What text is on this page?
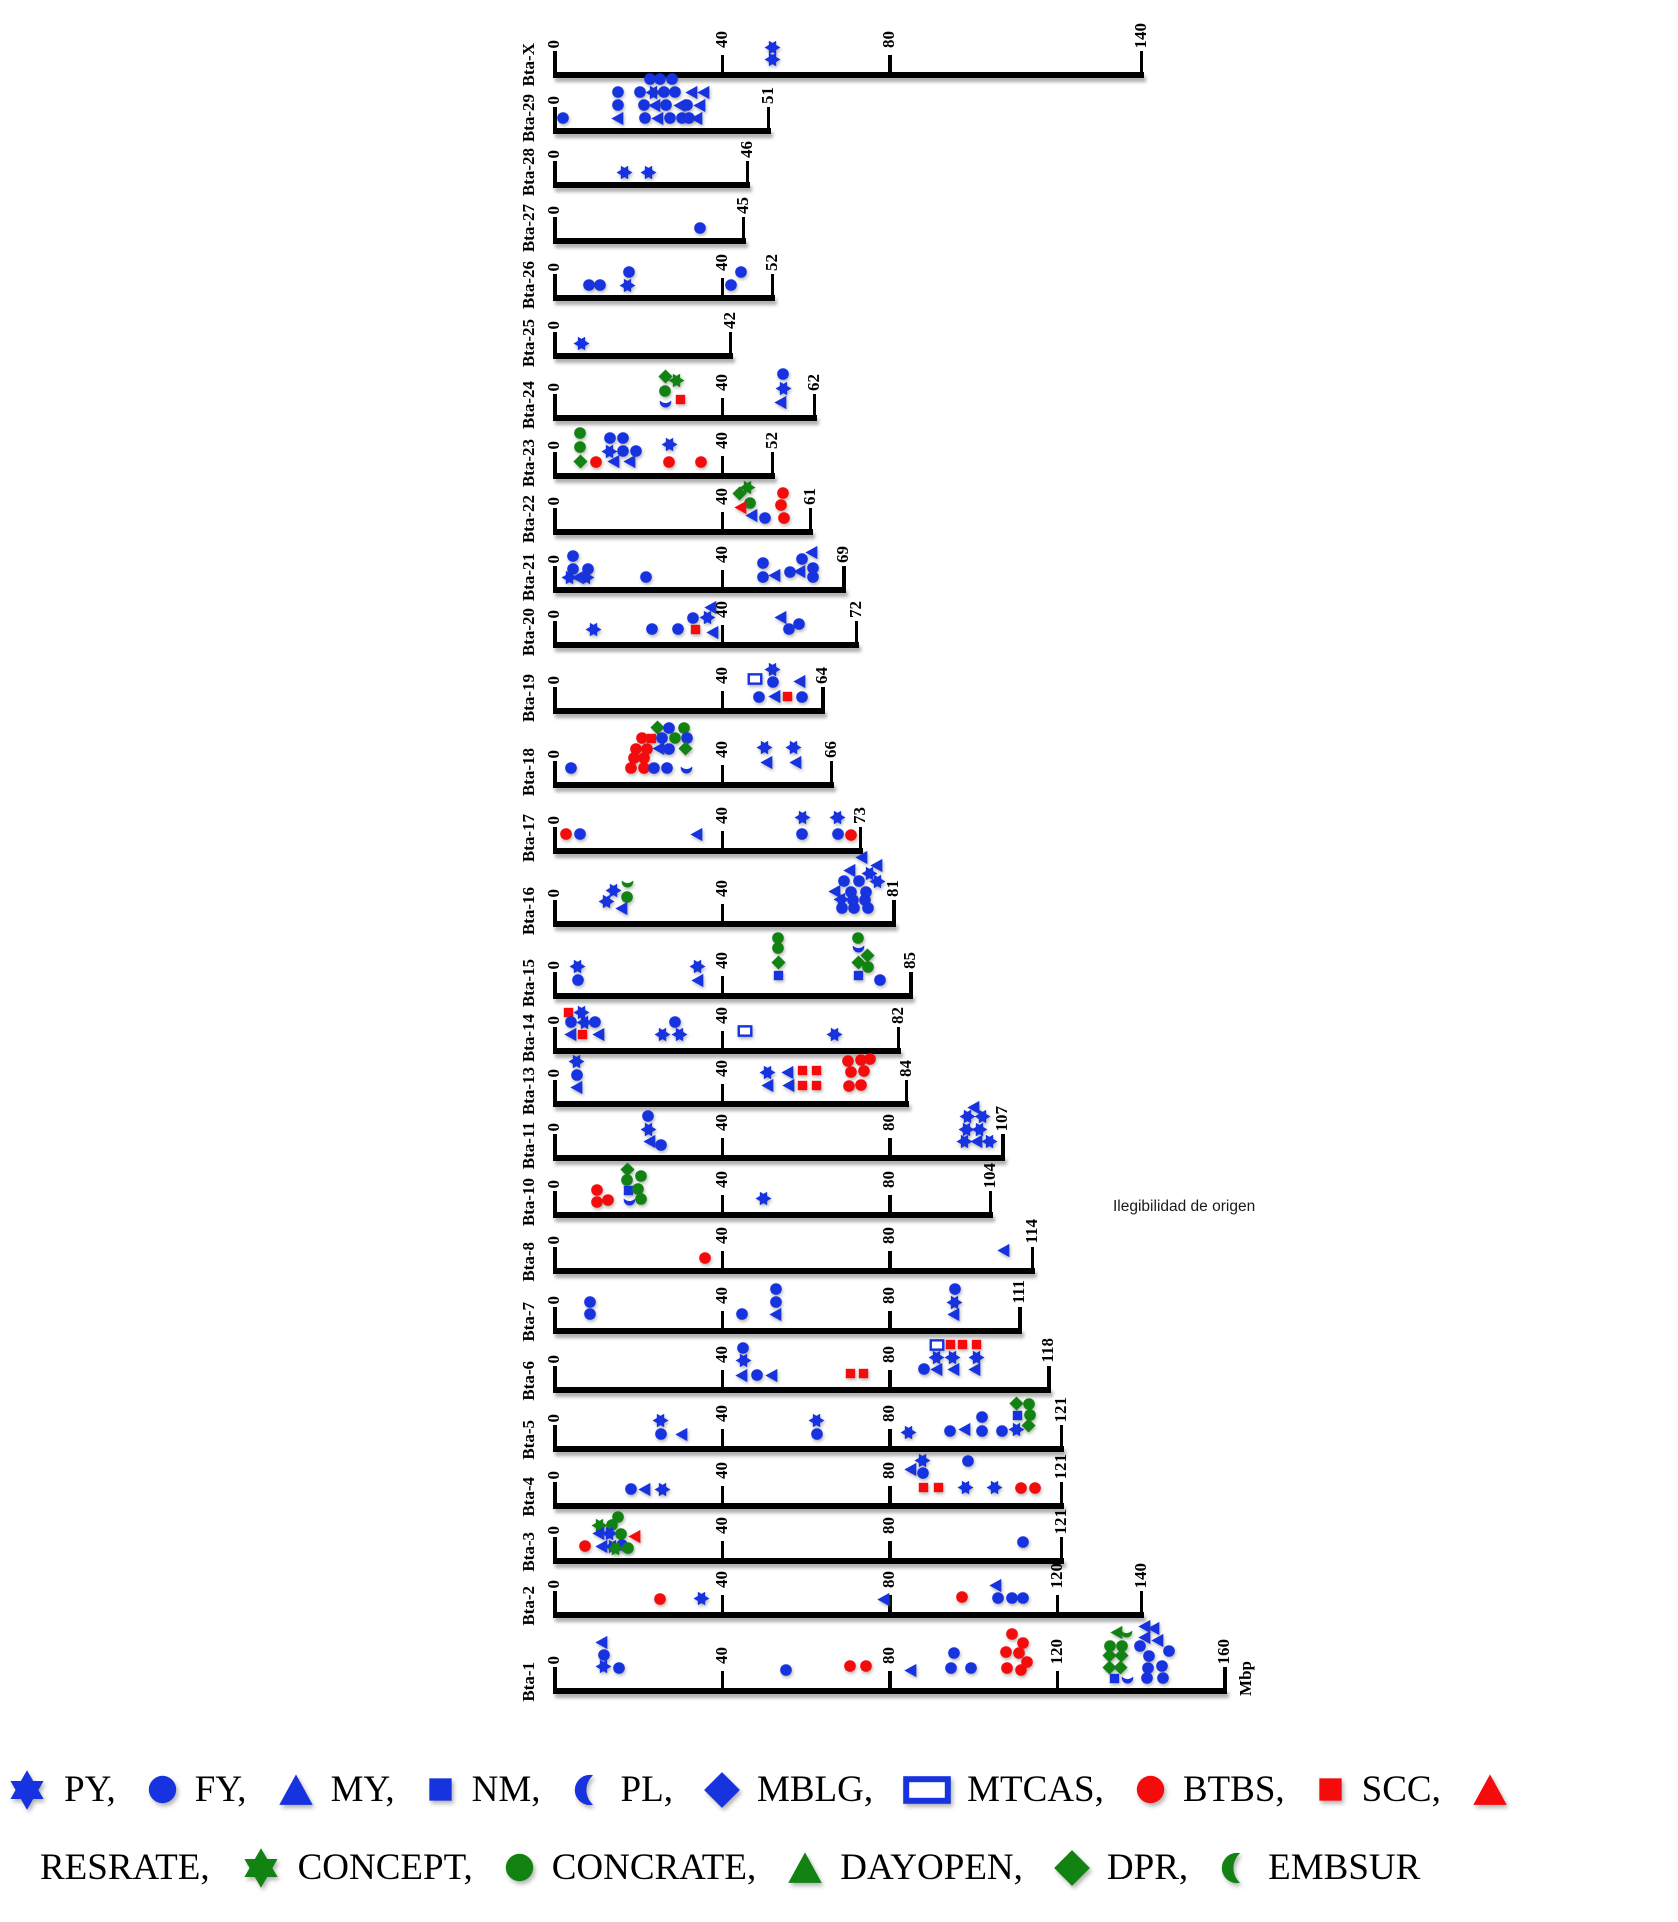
Ilegibilidad de origen
PY, FY, MY, NM, PL, MBLG,	MTCAS, BTBS, SCC,
RESRATE, CONCEPT, CONCRATE, DAYOPEN, DPR, EMBSUR
0	40	80	140
Bta-X
0	51
Bta-29
0	46
Bta-28
0	45
Bta-27
0	40 52
Bta-26
0	42
Bta-25
0	40	62
Bta-24
0	40 52
Bta-23
0	40	61
Bta-22
0	40	69
Bta-21
0	40	72
Bta-20
0	40	64
Bta-19
0	40	66
Bta-18
0	40	73
Bta-17
0	40	81
Bta-16
0	40	85
Bta-15
0	40	82
Bta-14
0	40	84
Bta-13
0	40	80	107
Bta-11
0	40	80	104
Bta-10
0	40	80	114
Bta-8
0	40	80	111
Bta-7
0	40	80	118
Bta-6
0	40	80	121
Bta-5
0	40	80	121
Bta-4
0	40	80	121
Bta-3
0	40	80	120	140
Bta-2
0	40	80	120	160
Bta-1	Mbp
